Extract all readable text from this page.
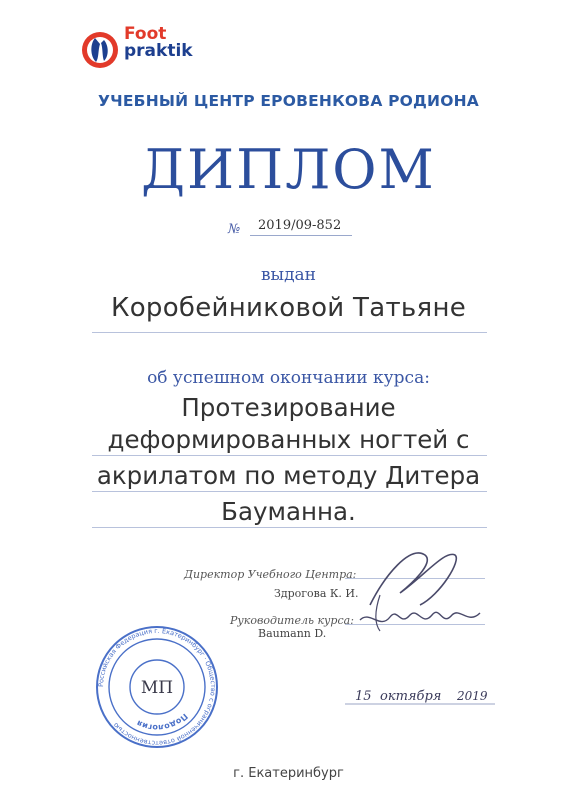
Foot
praktik
УЧЕБНЫЙ ЦЕНТР ЕРОВЕНКОВА РОДИОНА
ДИПЛОМ
№ 2019/09-852
выдан
Коробейниковой Татьяне
об успешном окончании курса:
Протезирование
деформированных ногтей с
акрилатом по методу Дитера
Бауманна.
Директор Учебного Центра:
Здрогова К. И.
Руководитель курса:
Baumann D.
Российская Федерация г. Екатеринбург · Общество с ограниченной ответственностью
Подология
МП	15 октября 2019
г. Екатеринбург
